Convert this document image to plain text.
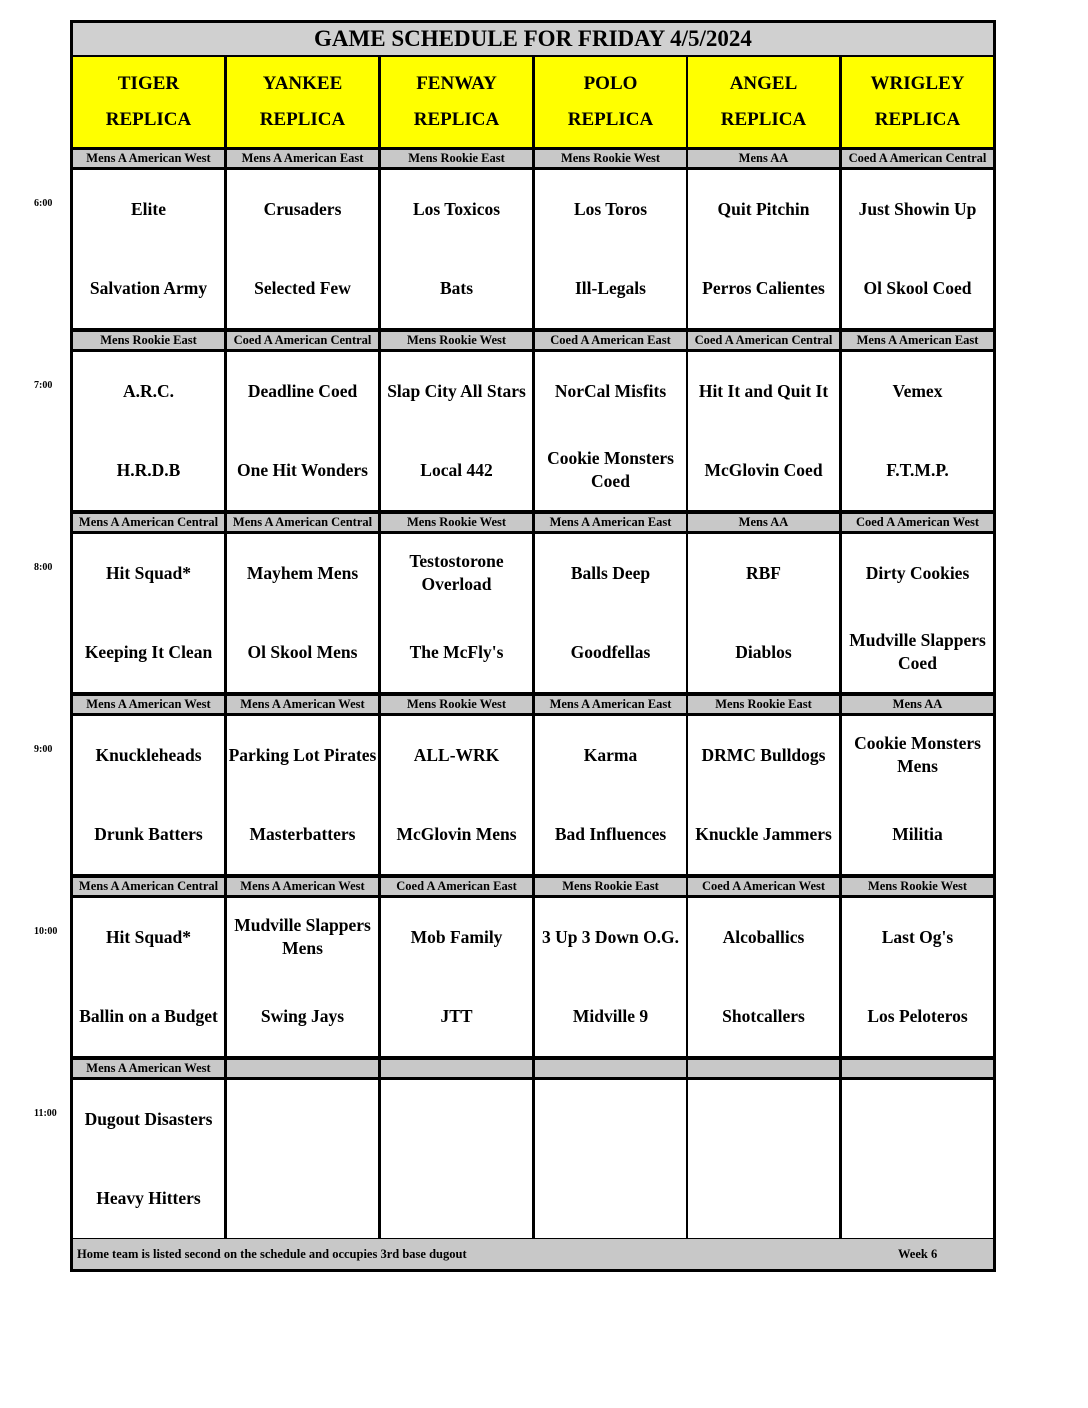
GAME SCHEDULE FOR FRIDAY 4/5/2024
TIGER
REPLICA
YANKEE
REPLICA
FENWAY
REPLICA
POLO
REPLICA
ANGEL
REPLICA
WRIGLEY
REPLICA
Mens A American West
Elite
Salvation Army
Mens A American East
Crusaders
Selected Few
Mens Rookie East
Los Toxicos
Bats
Mens Rookie West
Los Toros
Ill-Legals
Mens AA
Quit Pitchin
Perros Calientes
Coed A American Central
Just Showin Up
Ol Skool Coed
Mens Rookie East
A.R.C.
H.R.D.B
Coed A American Central
Deadline Coed
One Hit Wonders
Mens Rookie West
Slap City All Stars
Local 442
Coed A American East
NorCal Misfits
Cookie Monsters Coed
Coed A American Central
Hit It and Quit It
McGlovin Coed
Mens A American East
Vemex
F.T.M.P.
Mens A American Central
Hit Squad*
Keeping It Clean
Mens A American Central
Mayhem Mens
Ol Skool Mens
Mens Rookie West
Testostorone Overload
The McFly's
Mens A American East
Balls Deep
Goodfellas
Mens AA
RBF
Diablos
Coed A American West
Dirty Cookies
Mudville Slappers Coed
Mens A American West
Knuckleheads
Drunk Batters
Mens A American West
Parking Lot Pirates
Masterbatters
Mens Rookie West
ALL-WRK
McGlovin Mens
Mens A American East
Karma
Bad Influences
Mens Rookie East
DRMC Bulldogs
Knuckle Jammers
Mens AA
Cookie Monsters Mens
Militia
Mens A American Central
Hit Squad*
Ballin on a Budget
Mens A American West
Mudville Slappers Mens
Swing Jays
Coed A American East
Mob Family
JTT
Mens Rookie East
3 Up 3 Down O.G.
Midville 9
Coed A American West
Alcoballics
Shotcallers
Mens Rookie West
Last Og's
Los Peloteros
Mens A American West
Dugout Disasters
Heavy Hitters
Home team is listed second on the schedule and occupies 3rd base dugout	Week 6
6:00
7:00
8:00
9:00
10:00
11:00
